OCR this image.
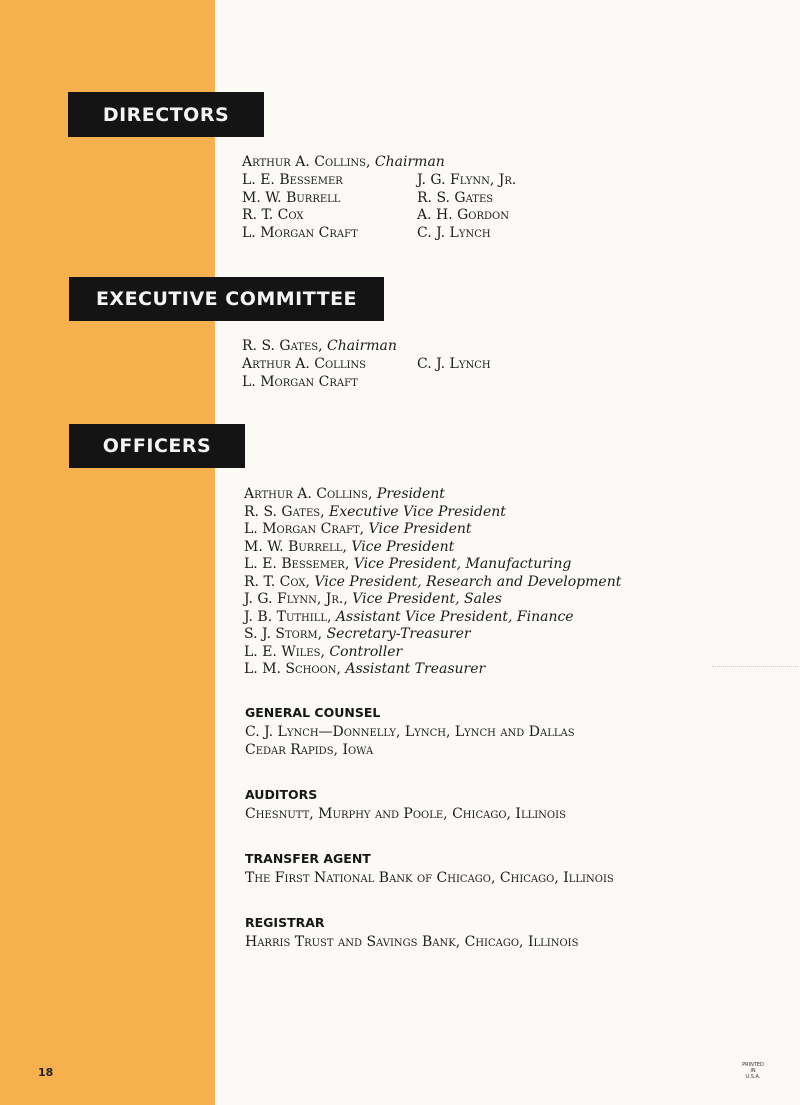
DIRECTORS
Arthur A. Collins, Chairman
L. E. Bessemer
M. W. Burrell
R. T. Cox
L. Morgan Craft
J. G. Flynn, Jr.
R. S. Gates
A. H. Gordon
C. J. Lynch
EXECUTIVE COMMITTEE
R. S. Gates, Chairman
Arthur A. Collins
L. Morgan Craft
C. J. Lynch
OFFICERS
Arthur A. Collins, President
R. S. Gates, Executive Vice President
L. Morgan Craft, Vice President
M. W. Burrell, Vice President
L. E. Bessemer, Vice President, Manufacturing
R. T. Cox, Vice President, Research and Development
J. G. Flynn, Jr., Vice President, Sales
J. B. Tuthill, Assistant Vice President, Finance
S. J. Storm, Secretary-Treasurer
L. E. Wiles, Controller
L. M. Schoon, Assistant Treasurer
GENERAL COUNSEL
C. J. Lynch—Donnelly, Lynch, Lynch and Dallas
Cedar Rapids, Iowa
AUDITORS
Chesnutt, Murphy and Poole, Chicago, Illinois
TRANSFER AGENT
The First National Bank of Chicago, Chicago, Illinois
REGISTRAR
Harris Trust and Savings Bank, Chicago, Illinois
18
PRINTED
IN
U.S.A.
